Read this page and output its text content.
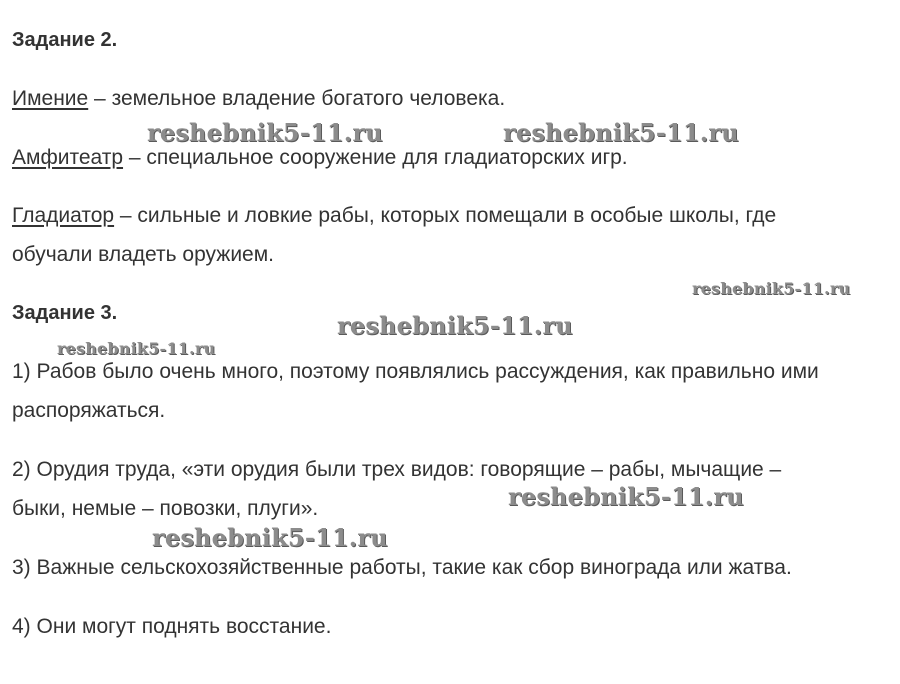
Задание 2.
Имение – земельное владение богатого человека.
Амфитеатр – специальное сооружение для гладиаторских игр.
Гладиатор – сильные и ловкие рабы, которых помещали в особые школы, где
обучали владеть оружием.
Задание 3.
1) Рабов было очень много, поэтому появлялись рассуждения, как правильно ими
распоряжаться.
2) Орудия труда, «эти орудия были трех видов: говорящие – рабы, мычащие –
быки, немые – повозки, плуги».
3) Важные сельскохозяйственные работы, такие как сбор винограда или жатва.
4) Они могут поднять восстание.
reshebnik5-11.ru	reshebnik5-11.ru
reshebnik5-11.ru
reshebnik5-11.ru
reshebnik5-11.ru
reshebnik5-11.ru
reshebnik5-11.ru
